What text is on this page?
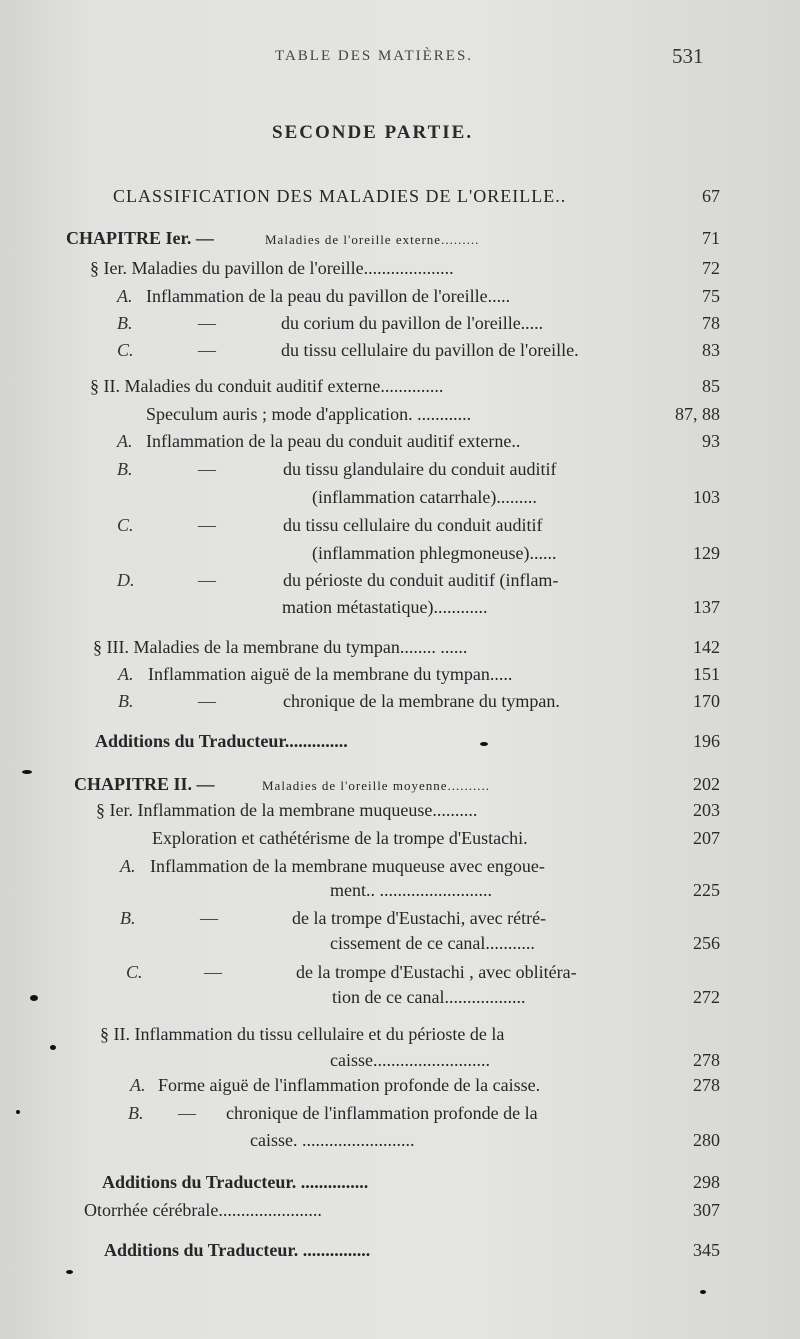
TABLE DES MATIÈRES.	531
SECONDE PARTIE.
CLASSIFICATION DES MALADIES DE L'OREILLE..	67
CHAPITRE Ier. —	Maladies de l'oreille externe.........	71
§ Ier. Maladies du pavillon de l'oreille....................	72
A. Inflammation de la peau du pavillon de l'oreille.....	75
B.	—	du corium du pavillon de l'oreille.....	78
C.	—	du tissu cellulaire du pavillon de l'oreille.	83
§ II. Maladies du conduit auditif externe..............	85
Speculum auris ; mode d'application. ............	87, 88
A. Inflammation de la peau du conduit auditif externe..	93
B.	—	du tissu glandulaire du conduit auditif
(inflammation catarrhale).........	103
C.	—	du tissu cellulaire du conduit auditif
(inflammation phlegmoneuse)......	129
D.	—	du périoste du conduit auditif (inflam-
mation métastatique)............	137
§ III. Maladies de la membrane du tympan........ ......	142
A. Inflammation aiguë de la membrane du tympan.....	151
B.	—	chronique de la membrane du tympan.	170
Additions du Traducteur..............	196
CHAPITRE II. —	Maladies de l'oreille moyenne..........	202
§ Ier. Inflammation de la membrane muqueuse..........	203
Exploration et cathétérisme de la trompe d'Eustachi.	207
A. Inflammation de la membrane muqueuse avec engoue-
ment.. .........................	225
B.	—	de la trompe d'Eustachi, avec rétré-
cissement de ce canal...........	256
C.	—	de la trompe d'Eustachi , avec oblitéra-
tion de ce canal..................	272
§ II. Inflammation du tissu cellulaire et du périoste de la
caisse..........................	278
A. Forme aiguë de l'inflammation profonde de la caisse.	278
B. — chronique de l'inflammation profonde de la
caisse. .........................	280
Additions du Traducteur. ...............	298
Otorrhée cérébrale.......................	307
Additions du Traducteur. ...............	345
